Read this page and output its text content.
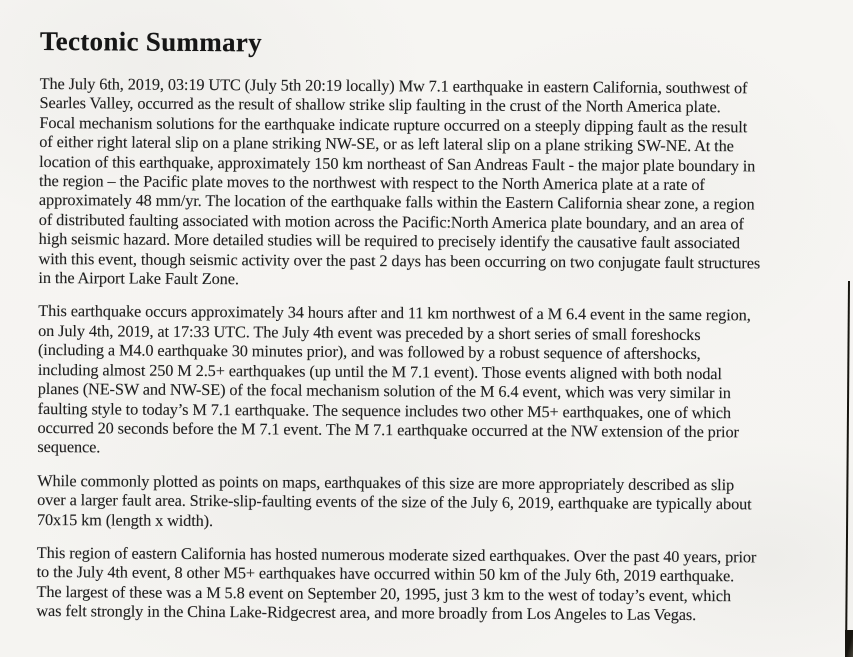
Tectonic Summary

The July 6th, 2019, 03:19 UTC (July 5th 20:19 locally) Mw 7.1 earthquake in eastern California, southwest of
Searles Valley, occurred as the result of shallow strike slip faulting in the crust of the North America plate.
Focal mechanism solutions for the earthquake indicate rupture occurred on a steeply dipping fault as the result
of either right lateral slip on a plane striking NW-SE, or as left lateral slip on a plane striking SW-NE. At the
location of this earthquake, approximately 150 km northeast of San Andreas Fault - the major plate boundary in
the region – the Pacific plate moves to the northwest with respect to the North America plate at a rate of
approximately 48 mm/yr. The location of the earthquake falls within the Eastern California shear zone, a region
of distributed faulting associated with motion across the Pacific:North America plate boundary, and an area of
high seismic hazard. More detailed studies will be required to precisely identify the causative fault associated
with this event, though seismic activity over the past 2 days has been occurring on two conjugate fault structures
in the Airport Lake Fault Zone.

This earthquake occurs approximately 34 hours after and 11 km northwest of a M 6.4 event in the same region,
on July 4th, 2019, at 17:33 UTC. The July 4th event was preceded by a short series of small foreshocks
(including a M4.0 earthquake 30 minutes prior), and was followed by a robust sequence of aftershocks,
including almost 250 M 2.5+ earthquakes (up until the M 7.1 event). Those events aligned with both nodal
planes (NE-SW and NW-SE) of the focal mechanism solution of the M 6.4 event, which was very similar in
faulting style to today’s M 7.1 earthquake. The sequence includes two other M5+ earthquakes, one of which
occurred 20 seconds before the M 7.1 event. The M 7.1 earthquake occurred at the NW extension of the prior
sequence.

While commonly plotted as points on maps, earthquakes of this size are more appropriately described as slip
over a larger fault area. Strike-slip-faulting events of the size of the July 6, 2019, earthquake are typically about
70x15 km (length x width).

This region of eastern California has hosted numerous moderate sized earthquakes. Over the past 40 years, prior
to the July 4th event, 8 other M5+ earthquakes have occurred within 50 km of the July 6th, 2019 earthquake.
The largest of these was a M 5.8 event on September 20, 1995, just 3 km to the west of today’s event, which
was felt strongly in the China Lake-Ridgecrest area, and more broadly from Los Angeles to Las Vegas.
